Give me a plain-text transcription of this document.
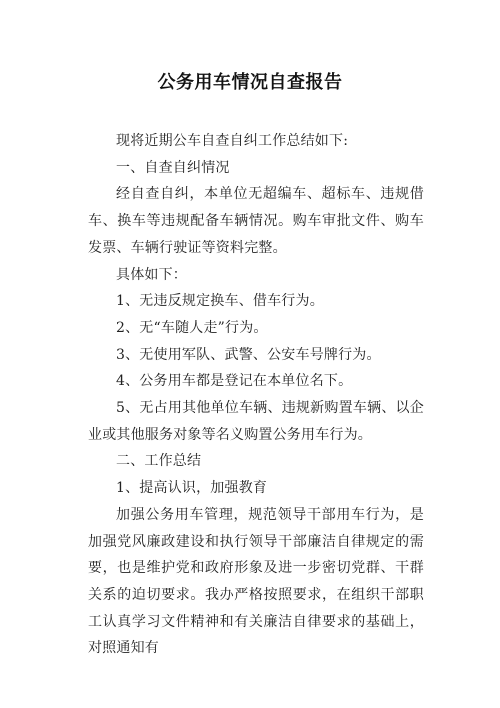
公务用车情况自查报告

现将近期公车自查自纠工作总结如下:

一、自查自纠情况

经自查自纠，本单位无超编车、超标车、违规借车、换车等违规配备车辆情况。购车审批文件、购车发票、车辆行驶证等资料完整。

具体如下：

1、无违反规定换车、借车行为。

2、无“车随人走”行为。

3、无使用军队、武警、公安车号牌行为。

4、公务用车都是登记在本单位名下。

5、无占用其他单位车辆、违规新购置车辆、以企业或其他服务对象等名义购置公务用车行为。

二、工作总结

1、提高认识，加强教育

加强公务用车管理，规范领导干部用车行为，是加强党风廉政建设和执行领导干部廉洁自律规定的需要，也是维护党和政府形象及进一步密切党群、干群关系的迫切要求。我办严格按照要求，在组织干部职工认真学习文件精神和有关廉洁自律要求的基础上，对照通知有
